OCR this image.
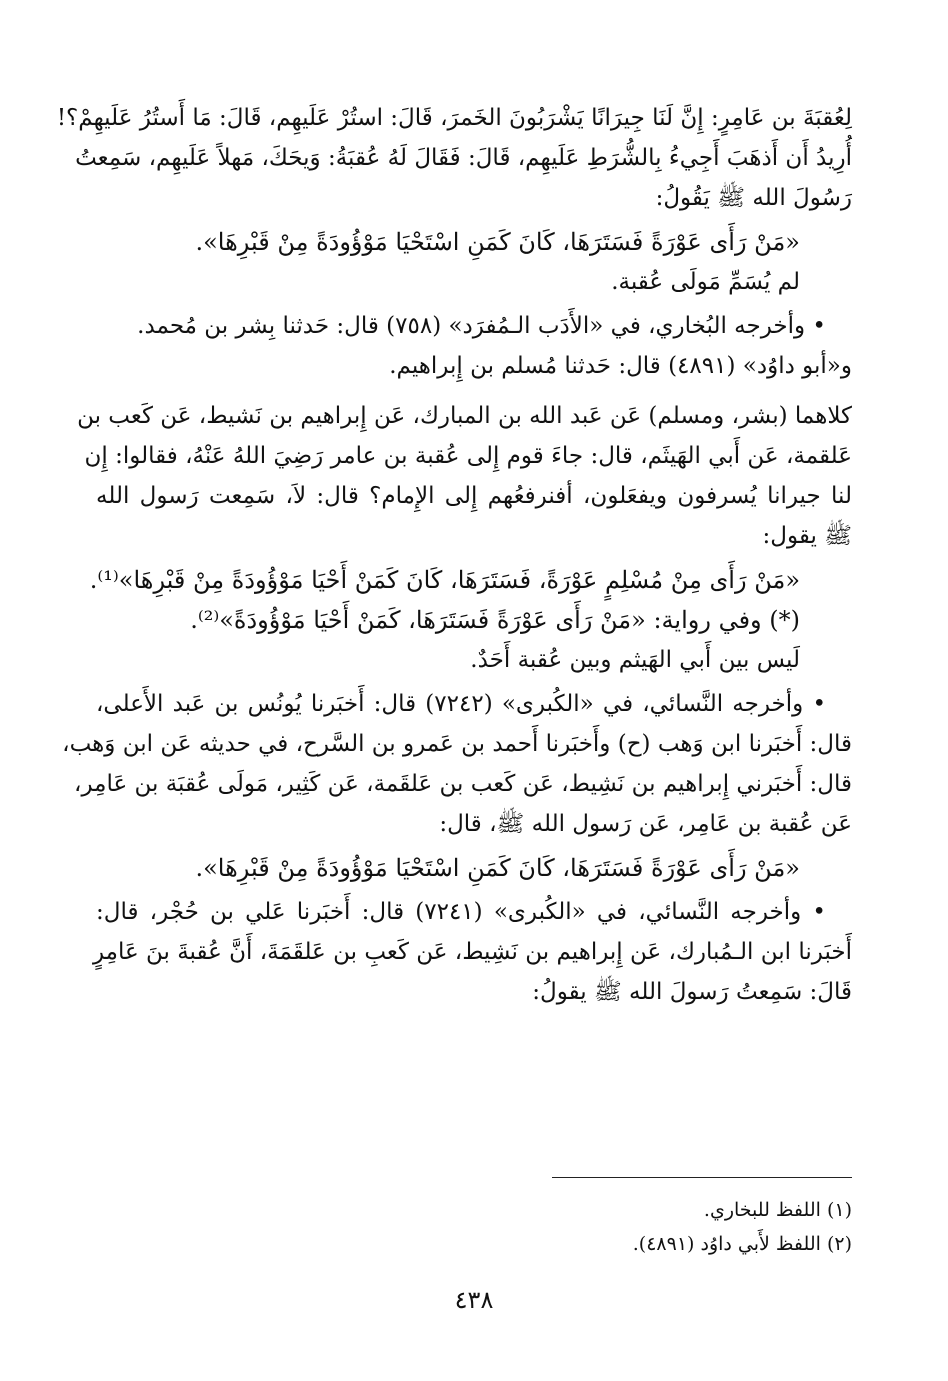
لِعُقبَةَ بن عَامِرٍ: إِنَّ لَنَا جِيرَانًا يَشْرَبُونَ الخَمرَ، قَالَ: استُرْ عَلَيهِم، قَالَ: مَا أَستُرُ عَلَيهِمْ؟!
أُرِيدُ أَن أَذهَبَ أَجِيءُ بِالشُّرَطِ عَلَيهِم، قَالَ: فَقَالَ لَهُ عُقبَةُ: وَيحَكَ، مَهلاً عَلَيهِم، سَمِعتُ
رَسُولَ الله ﷺ يَقُولُ:
«مَنْ رَأَى عَوْرَةً فَسَتَرَهَا، كَانَ كَمَنِ اسْتَحْيَا مَوْؤُودَةً مِنْ قَبْرِهَا».
لم يُسَمِّ مَولَى عُقبة.
• وأخرجه البُخاري، في «الأَدَب الـمُفرَد» (٧٥٨) قال: حَدثنا بِشر بن مُحمد.
و«أبو داوُد» (٤٨٩١) قال: حَدثنا مُسلم بن إِبراهيم.
كلاهما (بشر، ومسلم) عَن عَبد الله بن المبارك، عَن إِبراهيم بن نَشيط، عَن كَعب بن
عَلقمة، عَن أَبي الهَيثَم، قال: جاءَ قوم إِلى عُقبة بن عامر رَضِيَ اللهُ عَنْهُ، فقالوا: إِن
لنا جيرانا يُسرفون ويفعَلون، أفنرفعُهم إِلى الإِمام؟ قال: لاَ، سَمِعت رَسول الله
ﷺ يقول:
«مَنْ رَأَى مِنْ مُسْلِمٍ عَوْرَةً، فَسَتَرَهَا، كَانَ كَمَنْ أَحْيَا مَوْؤُودَةً مِنْ قَبْرِهَا»⁽¹⁾.
(*) وفي رواية: «مَنْ رَأَى عَوْرَةً فَسَتَرَهَا، كَمَنْ أَحْيَا مَوْؤُودَةً»⁽²⁾.
لَيس بين أَبي الهَيثم وبين عُقبة أَحَدٌ.
• وأخرجه النَّسائي، في «الكُبرى» (٧٢٤٢) قال: أَخبَرنا يُونُس بن عَبد الأَعلى،
قال: أَخبَرنا ابن وَهب (ح) وأَخبَرنا أَحمد بن عَمرو بن السَّرح، في حديثه عَن ابن وَهب،
قال: أَخبَرني إِبراهيم بن نَشِيط، عَن كَعب بن عَلقَمة، عَن كَثِير، مَولَى عُقبَة بن عَامِر،
عَن عُقبة بن عَامِر، عَن رَسول الله ﷺ، قال:
«مَنْ رَأَى عَوْرَةً فَسَتَرَهَا، كَانَ كَمَنِ اسْتَحْيَا مَوْؤُودَةً مِنْ قَبْرِهَا».
• وأخرجه النَّسائي، في «الكُبرى» (٧٢٤١) قال: أَخبَرنا عَلي بن حُجْر، قال:
أَخبَرنا ابن الـمُبارك، عَن إِبراهيم بن نَشِيط، عَن كَعبِ بن عَلقَمَةَ، أَنَّ عُقبةَ بنَ عَامِرٍ
قَالَ: سَمِعتُ رَسولَ الله ﷺ يقولُ:
(١) اللفظ للبخاري.
(٢) اللفظ لأَبي داوُد (٤٨٩١).
٤٣٨
